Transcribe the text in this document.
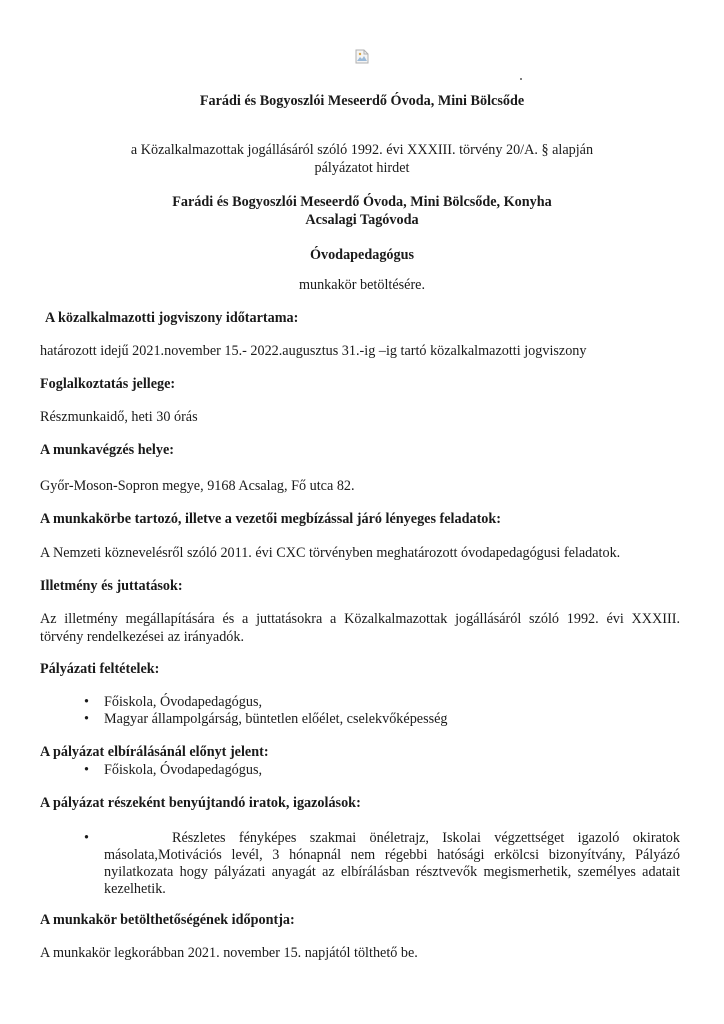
Farádi és Bogyoszlói Meseerdő Óvoda, Mini Bölcsőde
a Közalkalmazottak jogállásáról szóló 1992. évi XXXIII. törvény 20/A. § alapján
pályázatot hirdet
Farádi és Bogyoszlói Meseerdő Óvoda, Mini Bölcsőde, Konyha
Acsalagi Tagóvoda
Óvodapedagógus
munkakör betöltésére.
A közalkalmazotti jogviszony időtartama:
határozott idejű 2021.november 15.- 2022.augusztus 31.-ig –ig tartó közalkalmazotti jogviszony
Foglalkoztatás jellege:
Részmunkaidő, heti 30 órás
A munkavégzés helye:
Győr-Moson-Sopron megye, 9168 Acsalag, Fő utca 82.
A munkakörbe tartozó, illetve a vezetői megbízással járó lényeges feladatok:
A Nemzeti köznevelésről szóló 2011. évi CXC törvényben meghatározott óvodapedagógusi feladatok.
Illetmény és juttatások:
Az illetmény megállapítására és a juttatásokra a Közalkalmazottak jogállásáról szóló 1992. évi XXXIII.
törvény rendelkezései az irányadók.
Pályázati feltételek:
• Főiskola, Óvodapedagógus,
• Magyar állampolgárság, büntetlen előélet, cselekvőképesség
A pályázat elbírálásánál előnyt jelent:
• Főiskola, Óvodapedagógus,
A pályázat részeként benyújtandó iratok, igazolások:
•	Részletes fényképes szakmai önéletrajz, Iskolai végzettséget igazoló okiratok
másolata,Motivációs levél, 3 hónapnál nem régebbi hatósági erkölcsi bizonyítvány, Pályázó
nyilatkozata hogy pályázati anyagát az elbírálásban résztvevők megismerhetik, személyes adatait
kezelhetik.
A munkakör betölthetőségének időpontja:
A munkakör legkorábban 2021. november 15. napjától tölthető be.
